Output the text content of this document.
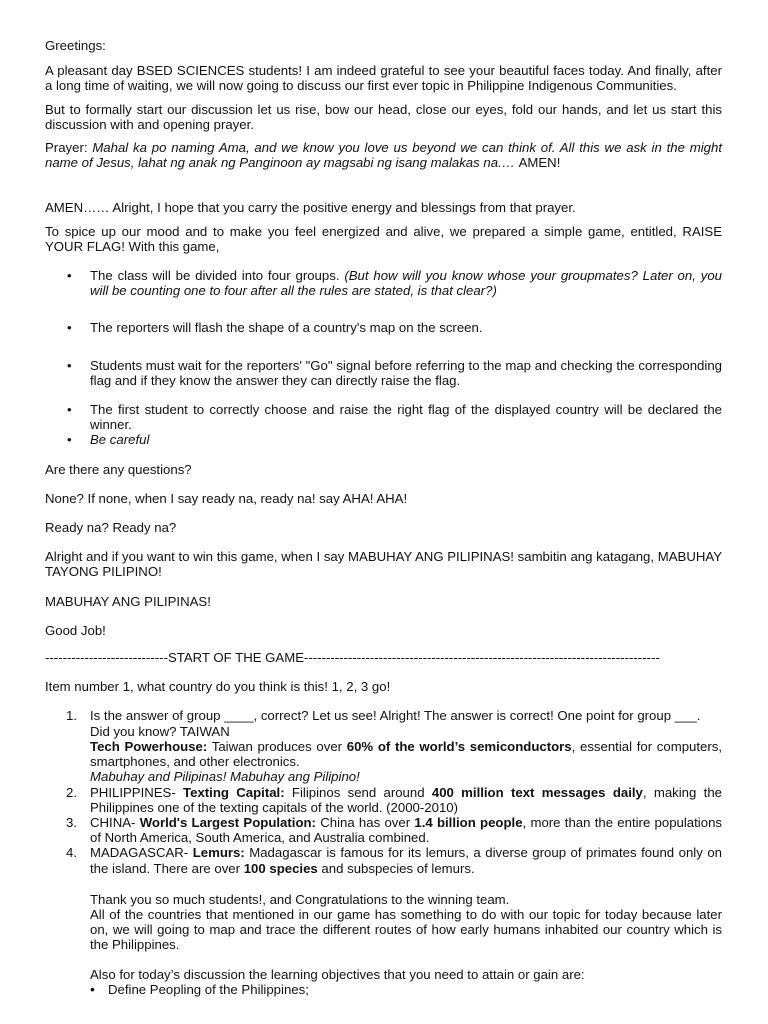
Greetings:

A pleasant day BSED SCIENCES students! I am indeed grateful to see your beautiful faces today. And finally, after a long time of waiting, we will now going to discuss our first ever topic in Philippine Indigenous Communities.

But to formally start our discussion let us rise, bow our head, close our eyes, fold our hands, and let us start this discussion with and opening prayer.

Prayer: Mahal ka po naming Ama, and we know you love us beyond we can think of. All this we ask in the might name of Jesus, lahat ng anak ng Panginoon ay magsabi ng isang malakas na.… AMEN!

AMEN…… Alright, I hope that you carry the positive energy and blessings from that prayer.

To spice up our mood and to make you feel energized and alive, we prepared a simple game, entitled, RAISE YOUR FLAG! With this game,

• The class will be divided into four groups. (But how will you know whose your groupmates? Later on, you will be counting one to four after all the rules are stated, is that clear?)
• The reporters will flash the shape of a country's map on the screen.
• Students must wait for the reporters' "Go" signal before referring to the map and checking the corresponding flag and if they know the answer they can directly raise the flag.
• The first student to correctly choose and raise the right flag of the displayed country will be declared the winner.
• Be careful

Are there any questions?

None? If none, when I say ready na, ready na! say AHA! AHA!

Ready na? Ready na?

Alright and if you want to win this game, when I say MABUHAY ANG PILIPINAS! sambitin ang katagang, MABUHAY TAYONG PILIPINO!

MABUHAY ANG PILIPINAS!

Good Job!

----------------------------START OF THE GAME---------------------------------------------------------------------------------

Item number 1, what country do you think is this! 1, 2, 3 go!

1. Is the answer of group ____, correct? Let us see! Alright! The answer is correct! One point for group ___.
Did you know? TAIWAN
Tech Powerhouse: Taiwan produces over 60% of the world’s semiconductors, essential for computers, smartphones, and other electronics.
Mabuhay and Pilipinas! Mabuhay ang Pilipino!
2. PHILIPPINES- Texting Capital: Filipinos send around 400 million text messages daily, making the Philippines one of the texting capitals of the world. (2000-2010)
3. CHINA- World's Largest Population: China has over 1.4 billion people, more than the entire populations of North America, South America, and Australia combined.
4. MADAGASCAR- Lemurs: Madagascar is famous for its lemurs, a diverse group of primates found only on the island. There are over 100 species and subspecies of lemurs.

Thank you so much students!, and Congratulations to the winning team.

All of the countries that mentioned in our game has something to do with our topic for today because later on, we will going to map and trace the different routes of how early humans inhabited our country which is the Philippines.

Also for today’s discussion the learning objectives that you need to attain or gain are:

• Define Peopling of the Philippines;
